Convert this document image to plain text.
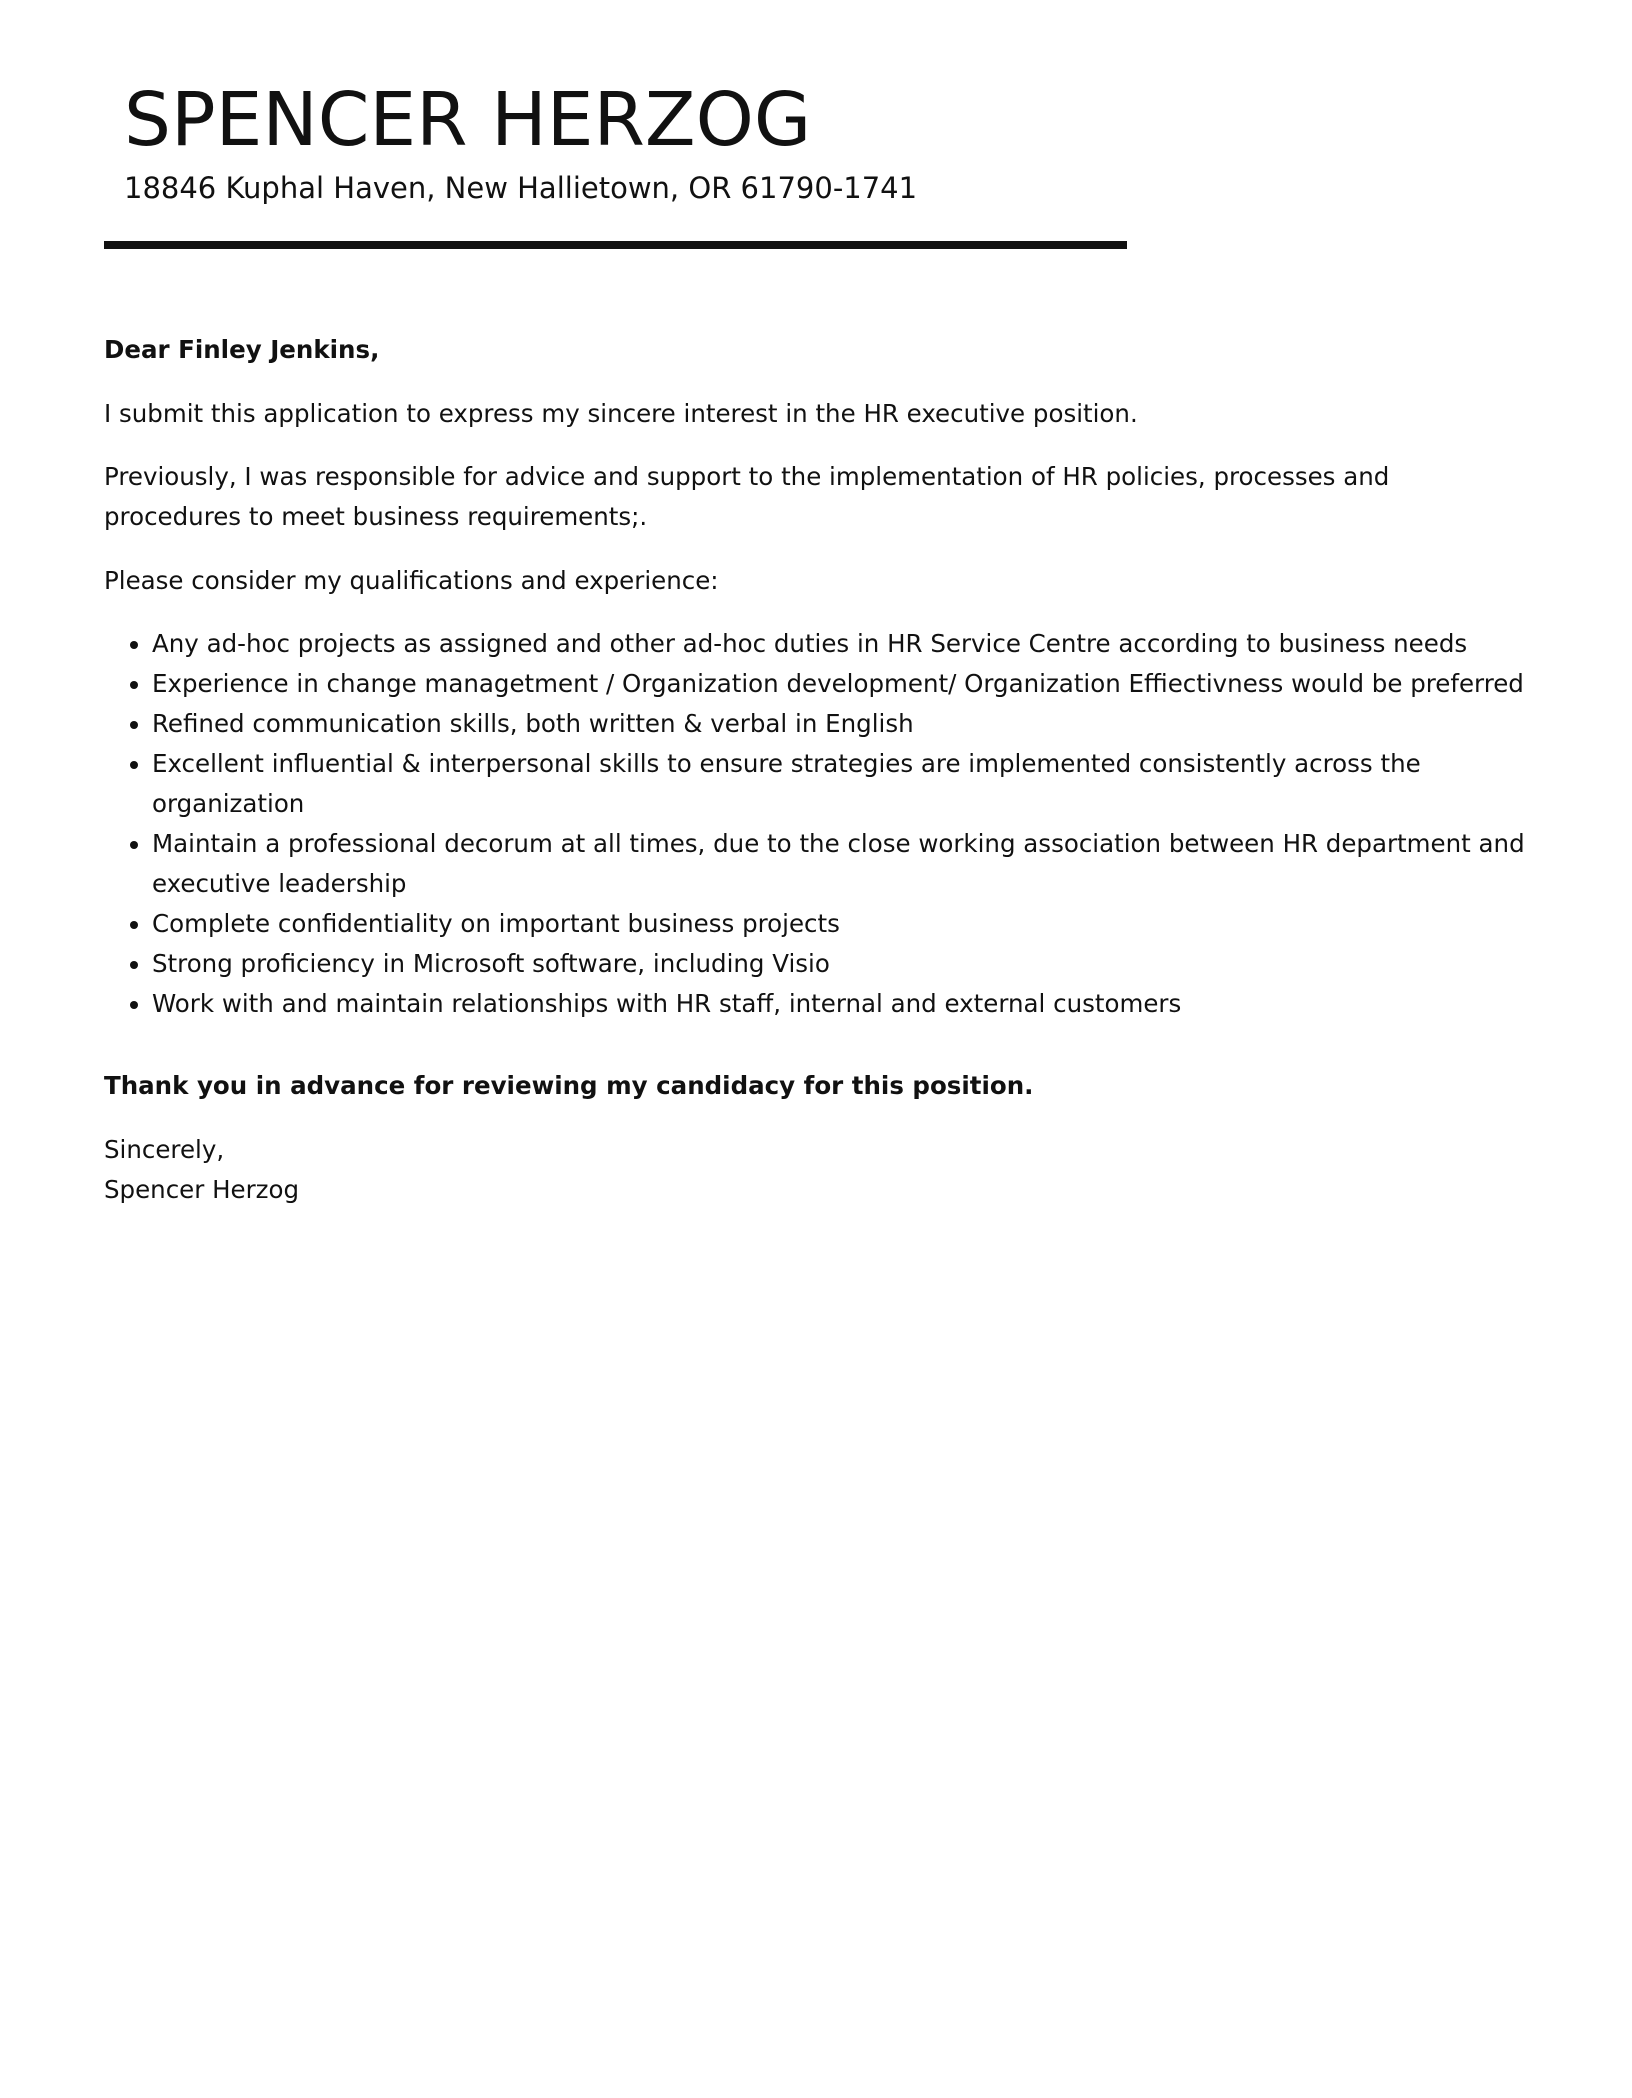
SPENCER HERZOG

18846 Kuphal Haven, New Hallietown, OR 61790-1741

Dear Finley Jenkins,

I submit this application to express my sincere interest in the HR executive position.

Previously, I was responsible for advice and support to the implementation of HR policies, processes and procedures to meet business requirements;.

Please consider my qualifications and experience:

• Any ad-hoc projects as assigned and other ad-hoc duties in HR Service Centre according to business needs
• Experience in change managetment / Organization development/ Organization Effiectivness would be preferred
• Refined communication skills, both written & verbal in English
• Excellent influential & interpersonal skills to ensure strategies are implemented consistently across the organization
• Maintain a professional decorum at all times, due to the close working association between HR department and executive leadership
• Complete confidentiality on important business projects
• Strong proficiency in Microsoft software, including Visio
• Work with and maintain relationships with HR staff, internal and external customers

Thank you in advance for reviewing my candidacy for this position.

Sincerely,

Spencer Herzog
